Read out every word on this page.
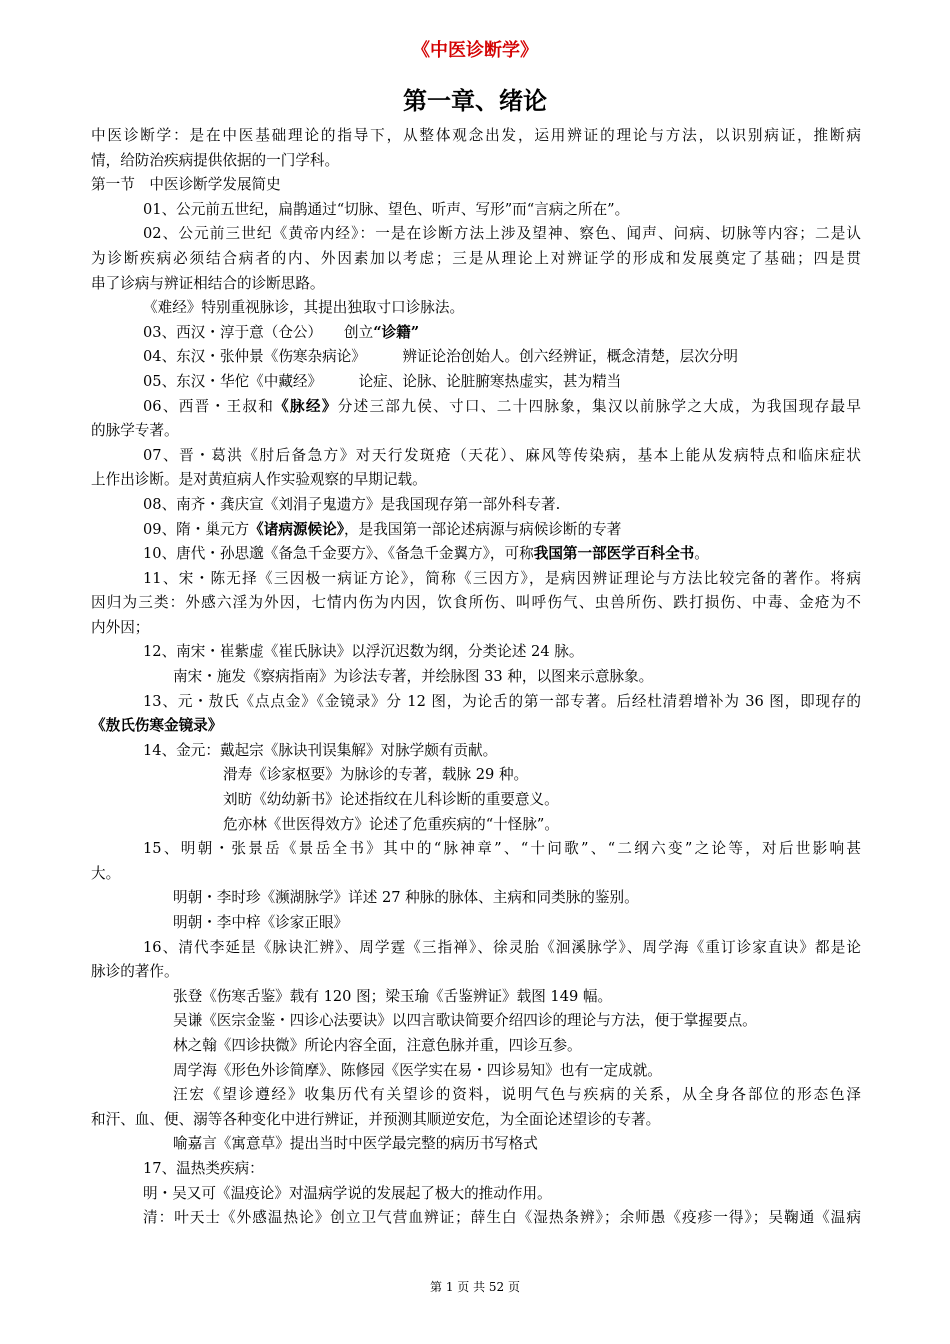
《中医诊断学》
第一章、绪论
中医诊断学：是在中医基础理论的指导下，从整体观念出发，运用辨证的理论与方法，以识别病证，推断病
情，给防治疾病提供依据的一门学科。
第一节　中医诊断学发展简史
01、公元前五世纪，扁鹊通过“切脉、望色、听声、写形”而“言病之所在”。
02、公元前三世纪《黄帝内经》：一是在诊断方法上涉及望神、察色、闻声、问病、切脉等内容；二是认
为诊断疾病必须结合病者的内、外因素加以考虑；三是从理论上对辨证学的形成和发展奠定了基础；四是贯
串了诊病与辨证相结合的诊断思路。
《难经》特别重视脉诊，其提出独取寸口诊脉法。
03、西汉・淳于意（仓公）　　创立“诊籍”
04、东汉・张仲景《伤寒杂病论》　　　辨证论治创始人。创六经辨证，概念清楚，层次分明
05、东汉・华佗《中藏经》　　　论症、论脉、论脏腑寒热虚实，甚为精当
06、西晋・王叔和《脉经》分述三部九侯、寸口、二十四脉象，集汉以前脉学之大成，为我国现存最早
的脉学专著。
07、晋・葛洪《肘后备急方》对天行发斑疮（天花）、麻风等传染病，基本上能从发病特点和临床症状
上作出诊断。是对黄疸病人作实验观察的早期记载。
08、南齐・龚庆宣《刘涓子鬼遗方》是我国现存第一部外科专著.
09、隋・巢元方《诸病源候论》，是我国第一部论述病源与病候诊断的专著
10、唐代・孙思邈《备急千金要方》、《备急千金翼方》，可称我国第一部医学百科全书。
11、宋・陈无择《三因极一病证方论》，简称《三因方》，是病因辨证理论与方法比较完备的著作。将病
因归为三类：外感六淫为外因，七情内伤为内因，饮食所伤、叫呼伤气、虫兽所伤、跌打损伤、中毒、金疮为不
内外因；
12、南宋・崔紫虚《崔氏脉诀》以浮沉迟数为纲，分类论述 24 脉。
南宋・施发《察病指南》为诊法专著，并绘脉图 33 种，以图来示意脉象。
13、元・敖氏《点点金》《金镜录》分 12 图，为论舌的第一部专著。后经杜清碧增补为 36 图，即现存的
《敖氏伤寒金镜录》
14、金元：戴起宗《脉诀刊误集解》对脉学颇有贡献。
滑寿《诊家枢要》为脉诊的专著，载脉 29 种。
刘昉《幼幼新书》论述指纹在儿科诊断的重要意义。
危亦林《世医得效方》论述了危重疾病的“十怪脉”。
15、明朝・张景岳《景岳全书》其中的“脉神章”、“十问歌”、“二纲六变”之论等，对后世影响甚
大。
明朝・李时珍《濒湖脉学》详述 27 种脉的脉体、主病和同类脉的鉴别。
明朝・李中梓《诊家正眼》
16、清代李延昰《脉诀汇辨》、周学霆《三指禅》、徐灵胎《洄溪脉学》、周学海《重订诊家直诀》都是论
脉诊的著作。
张登《伤寒舌鉴》载有 120 图；梁玉瑜《舌鉴辨证》载图 149 幅。
吴谦《医宗金鉴・四诊心法要诀》以四言歌诀简要介绍四诊的理论与方法，便于掌握要点。
林之翰《四诊抉微》所论内容全面，注意色脉并重，四诊互参。
周学海《形色外诊简摩》、陈修园《医学实在易・四诊易知》也有一定成就。
汪宏《望诊遵经》收集历代有关望诊的资料，说明气色与疾病的关系，从全身各部位的形态色泽
和汗、血、便、溺等各种变化中进行辨证，并预测其顺逆安危，为全面论述望诊的专著。
喻嘉言《寓意草》提出当时中医学最完整的病历书写格式
17、温热类疾病：
明・吴又可《温疫论》对温病学说的发展起了极大的推动作用。
清：叶天士《外感温热论》创立卫气营血辨证；薛生白《湿热条辨》；余师愚《疫疹一得》；吴鞠通《温病
第 1 页 共 52 页
